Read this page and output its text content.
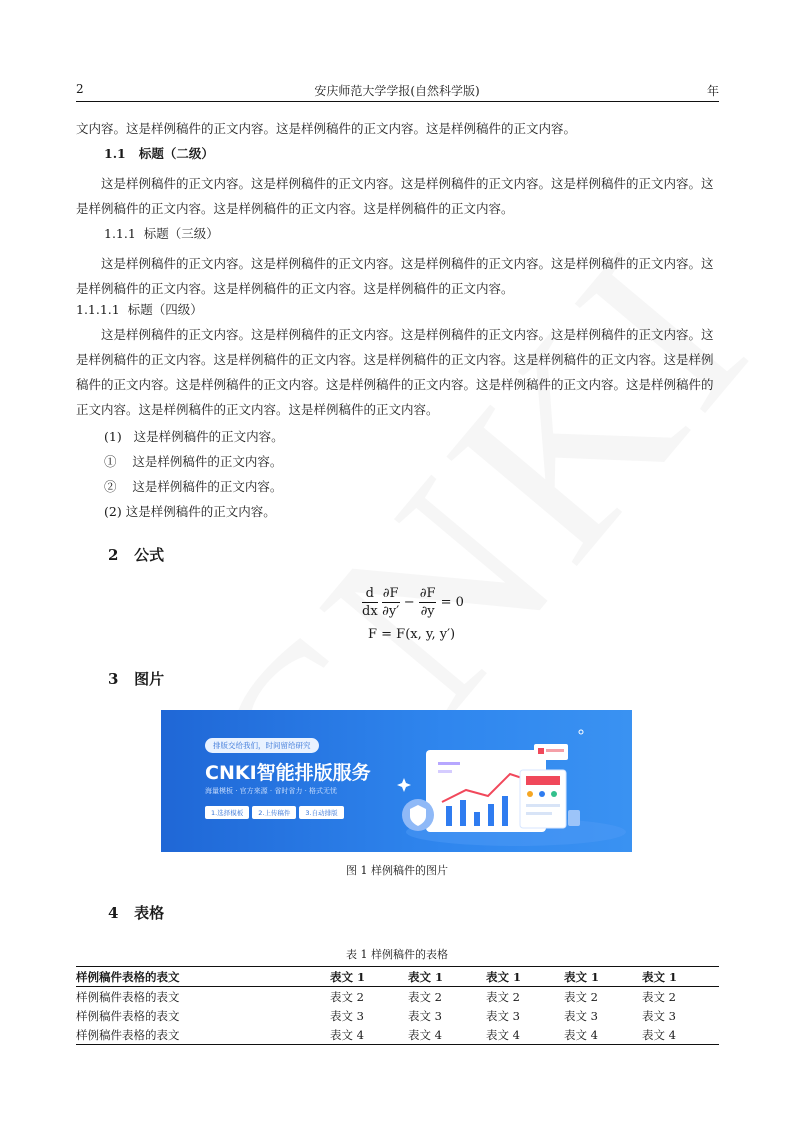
2	安庆师范大学学报(自然科学版)	年
文内容。这是样例稿件的正文内容。这是样例稿件的正文内容。这是样例稿件的正文内容。
1.1 标题（二级）
这是样例稿件的正文内容。这是样例稿件的正文内容。这是样例稿件的正文内容。这是样例稿件的正文内容。这是样例稿件的正文内容。这是样例稿件的正文内容。这是样例稿件的正文内容。
1.1.1 标题（三级）
这是样例稿件的正文内容。这是样例稿件的正文内容。这是样例稿件的正文内容。这是样例稿件的正文内容。这是样例稿件的正文内容。这是样例稿件的正文内容。这是样例稿件的正文内容。
1.1.1.1 标题（四级）
这是样例稿件的正文内容。这是样例稿件的正文内容。这是样例稿件的正文内容。这是样例稿件的正文内容。这是样例稿件的正文内容。这是样例稿件的正文内容。这是样例稿件的正文内容。这是样例稿件的正文内容。这是样例稿件的正文内容。这是样例稿件的正文内容。这是样例稿件的正文内容。这是样例稿件的正文内容。这是样例稿件的正文内容。这是样例稿件的正文内容。这是样例稿件的正文内容。
(1) 这是样例稿件的正文内容。
① 这是样例稿件的正文内容。
② 这是样例稿件的正文内容。
(2) 这是样例稿件的正文内容。
2 公式
$\frac{d}{dx}$
$\frac{\partial F}{\partial y'} - \frac{\partial F}{\partial y} = 0$
F = F(x, y, y′)
3 图片
排版交给我们，时间留给研究
CNKI智能排版服务
海量模板 · 官方来源 · 省时省力 · 格式无忧
1.选择模板	2.上传稿件	3.自动排版
图 1 样例稿件的图片
4 表格
表 1 样例稿件的表格
样例稿件表格的表文	表文 1	表文 1	表文 1	表文 1	表文 1
样例稿件表格的表文	表文 2	表文 2	表文 2	表文 2	表文 2
样例稿件表格的表文	表文 3	表文 3	表文 3	表文 3	表文 3
样例稿件表格的表文	表文 4	表文 4	表文 4	表文 4	表文 4
